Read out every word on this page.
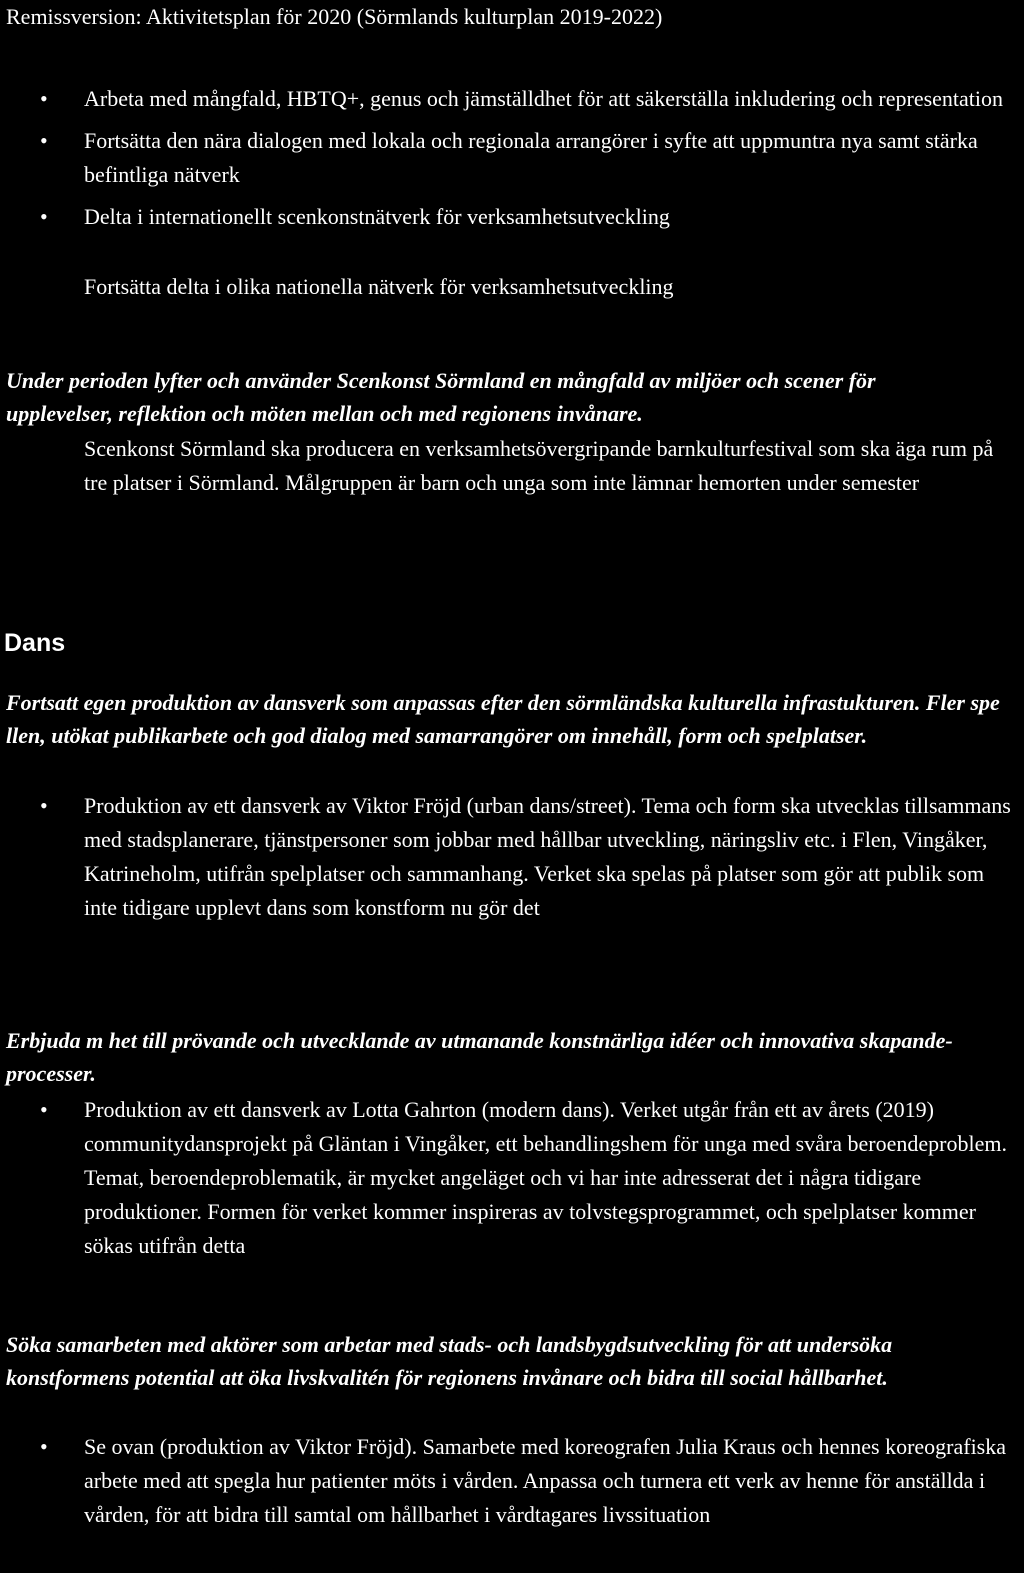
Remissversion: Aktivitetsplan för 2020 (Sörmlands kulturplan 2019-2022)
• Arbeta med mångfald, HBTQ+, genus och jämställdhet för att säkerställa inkludering och representation
• Fortsätta den nära dialogen med lokala och regionala arrangörer i syfte att uppmuntra nya samt stärka befintliga nätverk
• Delta i internationellt scenkonstnätverk för verksamhetsutveckling
Fortsätta delta i olika nationella nätverk för verksamhetsutveckling
Under perioden lyfter och använder Scenkonst Sörmland en mångfald av miljöer och scener för upplevelser, reflektion och möten mellan och med regionens invånare.
Scenkonst Sörmland ska producera en verksamhetsövergripande barnkulturfestival som ska äga rum på tre platser i Sörmland. Målgruppen är barn och unga som inte lämnar hemorten under semester
Dans
Fortsatt egen produktion av dansverk som anpassas efter den sörmländska kulturella infrastukturen. Fler spe llen, utökat publikarbete och god dialog med samarrangörer om innehåll, form och spelplatser.
• Produktion av ett dansverk av Viktor Fröjd (urban dans/street). Tema och form ska utvecklas tillsammans med stadsplanerare, tjänstpersoner som jobbar med hållbar utveckling, näringsliv etc. i Flen, Vingåker, Katrineholm, utifrån spelplatser och sammanhang. Verket ska spelas på platser som gör att publik som inte tidigare upplevt dans som konstform nu gör det
Erbjuda m het till prövande och utvecklande av utmanande konstnärliga idéer och innovativa skapande-processer.
• Produktion av ett dansverk av Lotta Gahrton (modern dans). Verket utgår från ett av årets (2019) communitydansprojekt på Gläntan i Vingåker, ett behandlingshem för unga med svåra beroendeproblem. Temat, beroendeproblematik, är mycket angeläget och vi har inte adresserat det i några tidigare produktioner. Formen för verket kommer inspireras av tolvstegsprogrammet, och spelplatser kommer sökas utifrån detta
Söka samarbeten med aktörer som arbetar med stads- och landsbygdsutveckling för att undersöka konstformens potential att öka livskvalitén för regionens invånare och bidra till social hållbarhet.
• Se ovan (produktion av Viktor Fröjd). Samarbete med koreografen Julia Kraus och hennes koreografiska arbete med att spegla hur patienter möts i vården. Anpassa och turnera ett verk av henne för anställda i vården, för att bidra till samtal om hållbarhet i vårdtagares livssituation
